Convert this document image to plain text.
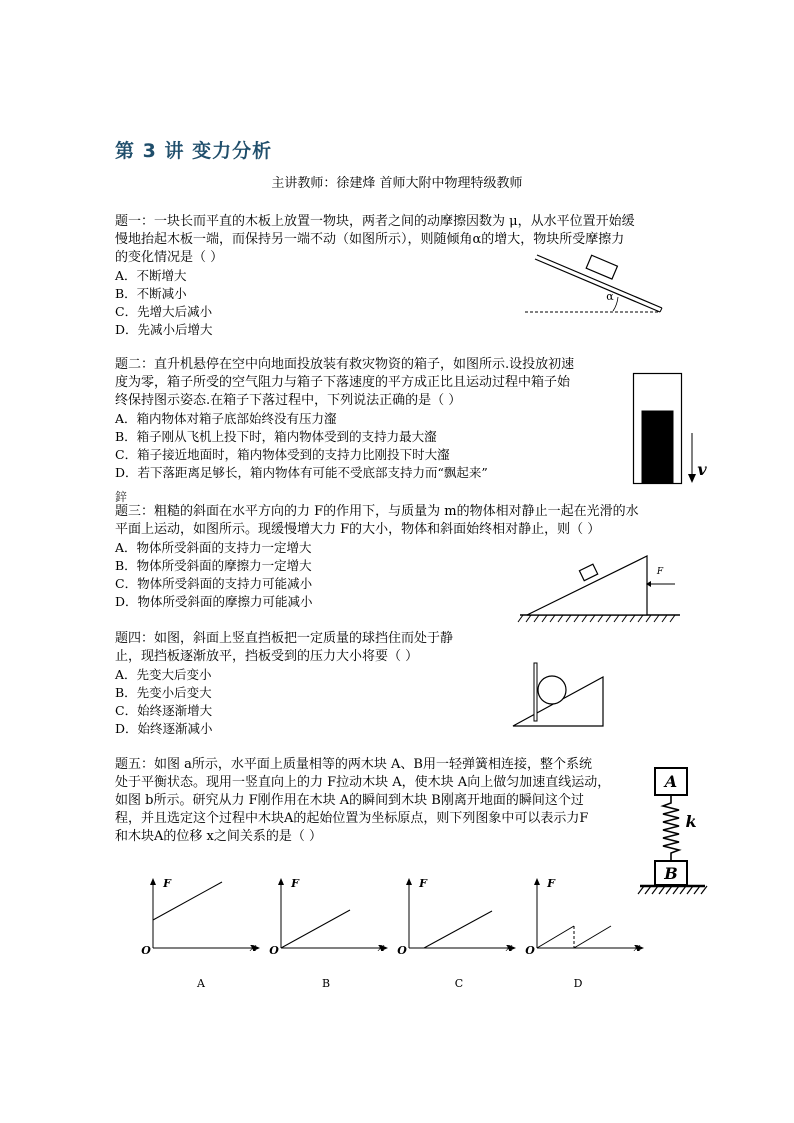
第 3 讲 变力分析
主讲教师：徐建烽 首师大附中物理特级教师
题一：一块长而平直的木板上放置一物块，两者之间的动摩擦因数为 μ，从水平位置开始缓
慢地抬起木板一端，而保持另一端不动（如图所示），则随倾角α的增大，物块所受摩擦力
的变化情况是（ ）
A．不断增大
B．不断减小
C．先增大后减小
D．先减小后增大
α
题二：直升机悬停在空中向地面投放装有救灾物资的箱子，如图所示.设投放初速
度为零，箱子所受的空气阻力与箱子下落速度的平方成正比且运动过程中箱子始
终保持图示姿态.在箱子下落过程中，下列说法正确的是（ ）
A．箱内物体对箱子底部始终没有压力瀣
B．箱子刚从飞机上投下时，箱内物体受到的支持力最大瀣
C．箱子接近地面时，箱内物体受到的支持力比刚投下时大瀣
D．若下落距离足够长，箱内物体有可能不受底部支持力而“飘起来”
鋅
v
题三：粗糙的斜面在水平方向的力 F的作用下，与质量为 m的物体相对静止一起在光滑的水
平面上运动，如图所示。现缓慢增大力 F的大小，物体和斜面始终相对静止，则（ ）
A．物体所受斜面的支持力一定增大
B．物体所受斜面的摩擦力一定增大
C．物体所受斜面的支持力可能减小
D．物体所受斜面的摩擦力可能减小
F
题四：如图，斜面上竖直挡板把一定质量的球挡住而处于静
止，现挡板逐渐放平，挡板受到的压力大小将要（ ）
A．先变大后变小
B．先变小后变大
C．始终逐渐增大
D．始终逐渐减小
题五：如图 a所示，水平面上质量相等的两木块 A、B用一轻弹簧相连接，整个系统
处于平衡状态。现用一竖直向上的力 F拉动木块 A，使木块 A向上做匀加速直线运动，
如图 b所示。研究从力 F刚作用在木块 A的瞬间到木块 B刚离开地面的瞬间这个过
程，并且选定这个过程中木块A的起始位置为坐标原点，则下列图象中可以表示力F
和木块A的位移 x之间关系的是（ ）
A
B
k
F
x
O
A
F
x
O
B
F
x
O
C
F
x
O
D
